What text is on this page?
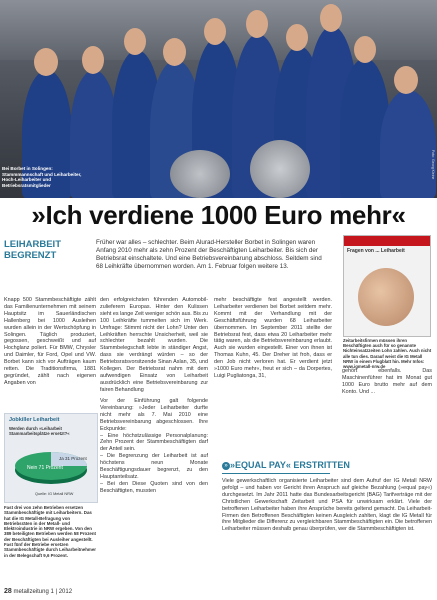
Bei Borbet in Solingen: Stammmannschaft und Leiharbeiter, Hoch-Leiharbeiter und Betriebsratsmitglieder
Foto: Georg Kleine
»Ich verdiene 1000 Euro mehr«
LEIHARBEIT
BEGRENZT
Früher war alles – schlechter. Beim Alurad-Hersteller Borbet in Solingen waren Anfang 2010 mehr als zehn Prozent der Beschäftigten Leiharbeiter. Bis sich der Betriebsrat einschaltete. Und eine Betriebsvereinbarung abschloss. Seitdem sind 68 Leihkräfte übernommen worden. Am 1. Februar folgen weitere 13.
Fragen von ... Leiharbeit
Zeitarbeitsfirmen müssen ihren Beschäftigten auch für so genannte Nichteinsatzzeiten Lohn zahlen. Auch nicht alle tun dies. Darauf weist die IG Metall NRW in einem Flugblatt hin. Mehr Infos: www.igmetall-nrw.de
Knapp 500 Stammbeschäftigte zählt das Familienunternehmen mit seinem Hauptsitz im Sauerländischen Hallenberg bei 1000 Ausleihen wurden allein in der Wertschöpfung in Solingen. Täglich produziert, gegossen, geschweißt und auf Hochglanz poliert. Für BMW, Chrysler und Daimler, für Ford, Opel und VW. Borbet kann sich vor Aufträgen kaum retten. Die Traditionsfirma, 1881 gegründet, zählt nach eigenen Angaben von
den erfolgreichsten führenden Automobil-zulieferern Europas. Hinter den Kulissen sieht es lange Zeit weniger schön aus. Bis zu 100 Leihkräfte tummelten sich im Werk. Umfrage: Stimmt nicht der Lohn? Unter den Leihkräften herrschte Unsicherheit, weil sie schlechter bezahlt wurden. Die Stammbelegschaft lebte in ständiger Angst, dass sie verdrängt würden – so der Betriebsratsvorsitzende Sinan Aslan, 35, und Kollegen. Der Betriebsrat nahm mit dem aufwendigen Einsatz von Leiharbeit ausdrücklich eine Betriebsvereinbarung zur fairen Behandlung
mehr beschäftigte fest angestellt werden. Leiharbeiter verdienen bei Borbet seitdem mehr. Kommt mit der Verhandlung mit der Geschäftsführung wurden 68 Leiharbeiter übernommen. Im September 2011 stellte der Betriebsrat fest, dass etwa 20 Leiharbeiter mehr tätig waren, als die Betriebsvereinbarung erlaubt. Auch sie wurden eingestellt. Einer von ihnen ist Thomas Kuhn, 45. Der Dreher ist froh, dass er den Job nicht verloren hat. Er verdient jetzt »1000 Euro mehr«, freut er sich – da Dorpertes, Luigi Pugliatonga, 31,
gehört ebenfalls. Das Maschinenführer hat im Monat gut 1000 Euro brutto mehr auf dem Konto. Und ...
Vor der Einführung galt folgende Vereinbarung: »Jeder Leiharbeiter durfte nicht mehr als 7. Mai 2010 eine Betriebsvereinbarung abgeschlossen. Ihre Eckpunkte:
– Eine höchstzulässige Personalplanung: Zehn Prozent der Stammbeschäftigten darf der Anteil sein.
– Die Begrenzung der Leiharbeit ist auf höchstens neun Monate Beschäftigungsdauer begrenzt, zu den Hauptanteilsatz.
– Bei den Diese Quoten sind von den Beschäftigten, mussten
Jobkiller Leiharbeit
Werden durch »Leiharbeit Stammarbeitsplätze ersetzt?«
Nein 71 Prozent
Ja 31 Prozent
Quelle: IG Metall NRW
Fast drei von zehn Betrieben ersetzen Stammbeschäftigte mit Leiharbeitern. Das hat die IG Metall-Befragung von Betriebsräten in der Metall- und Elektroindustrie in NRW ergeben. Von den 389 beteiligten Betrieben werden 58 Prozent der Beschäftigten bei Ausleiher angestellt. Fast fünf der Betriebe ersetzen Stammbeschäftigte durch Leiharbeitnehmer in der Belegschaft 9,6 Prozent.
» »EQUAL PAY« ERSTRITTEN
Viele gewerkschaftlich organisierte Leiharbeiter sind dem Aufruf der IG Metall NRW gefolgt – und haben vor Gericht ihren Anspruch auf gleiche Bezahlung (»equal pay«) durchgesetzt. Im Jahr 2011 hatte das Bundesarbeitsgericht (BAG) Tarifverträge mit der Christlichen Gewerkschaft Zeitarbeit und PSA für unwirksam erklärt. Viele der betroffenen Leiharbeiter haben ihre Ansprüche bereits geltend gemacht. Da Leiharbeit-Firmen den Betroffenen Beschäftigten keinen Ausgleich zahlten, klagt die IG Metall für ihre Mitglieder die Differenz zu vergleichbaren Stammbeschäftigten ein. Die betroffenen Leiharbeiter müssen deshalb genau überprüfen, wer die Stammbeschäftigten ist.
28 metallzeitung 1 | 2012
